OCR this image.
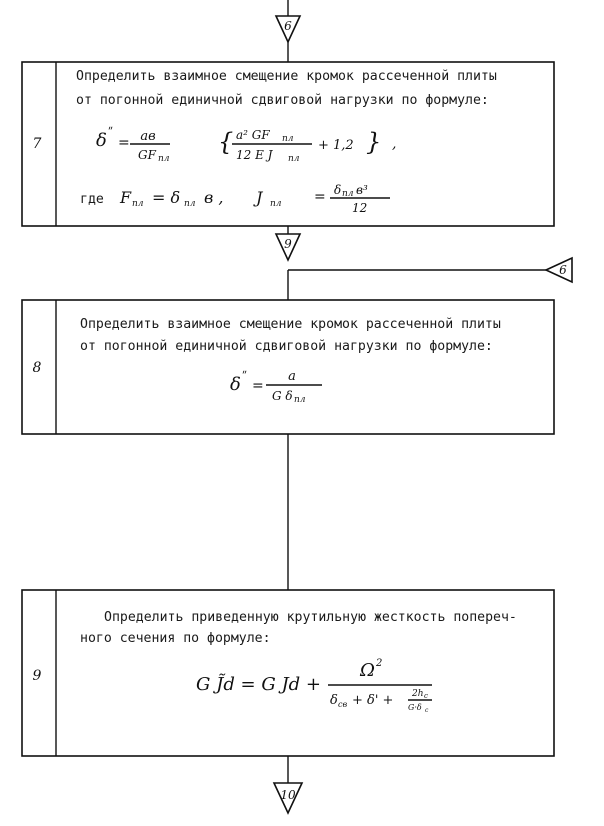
6
7
Определить взаимное смещение кромок рассеченной плиты
от погонной единичной сдвиговой нагрузки по формуле:
δ ʺ
= aв
GF пл
{ a² GF пл
12 E J пл
+ 1,2 } ,
где F пл = δ пл в , J пл = δ пл в³
12
9
6
8
Определить взаимное смещение кромок рассеченной плиты
от погонной единичной сдвиговой нагрузки по формуле:
δ ʺ
=
a
G δ пл
9
Определить приведенную крутильную жесткость попереч-
ного сечения по формуле:
G J̃d = G Jd +
Ω 2
δ св + δ' + 2h с
G·δ с
10
